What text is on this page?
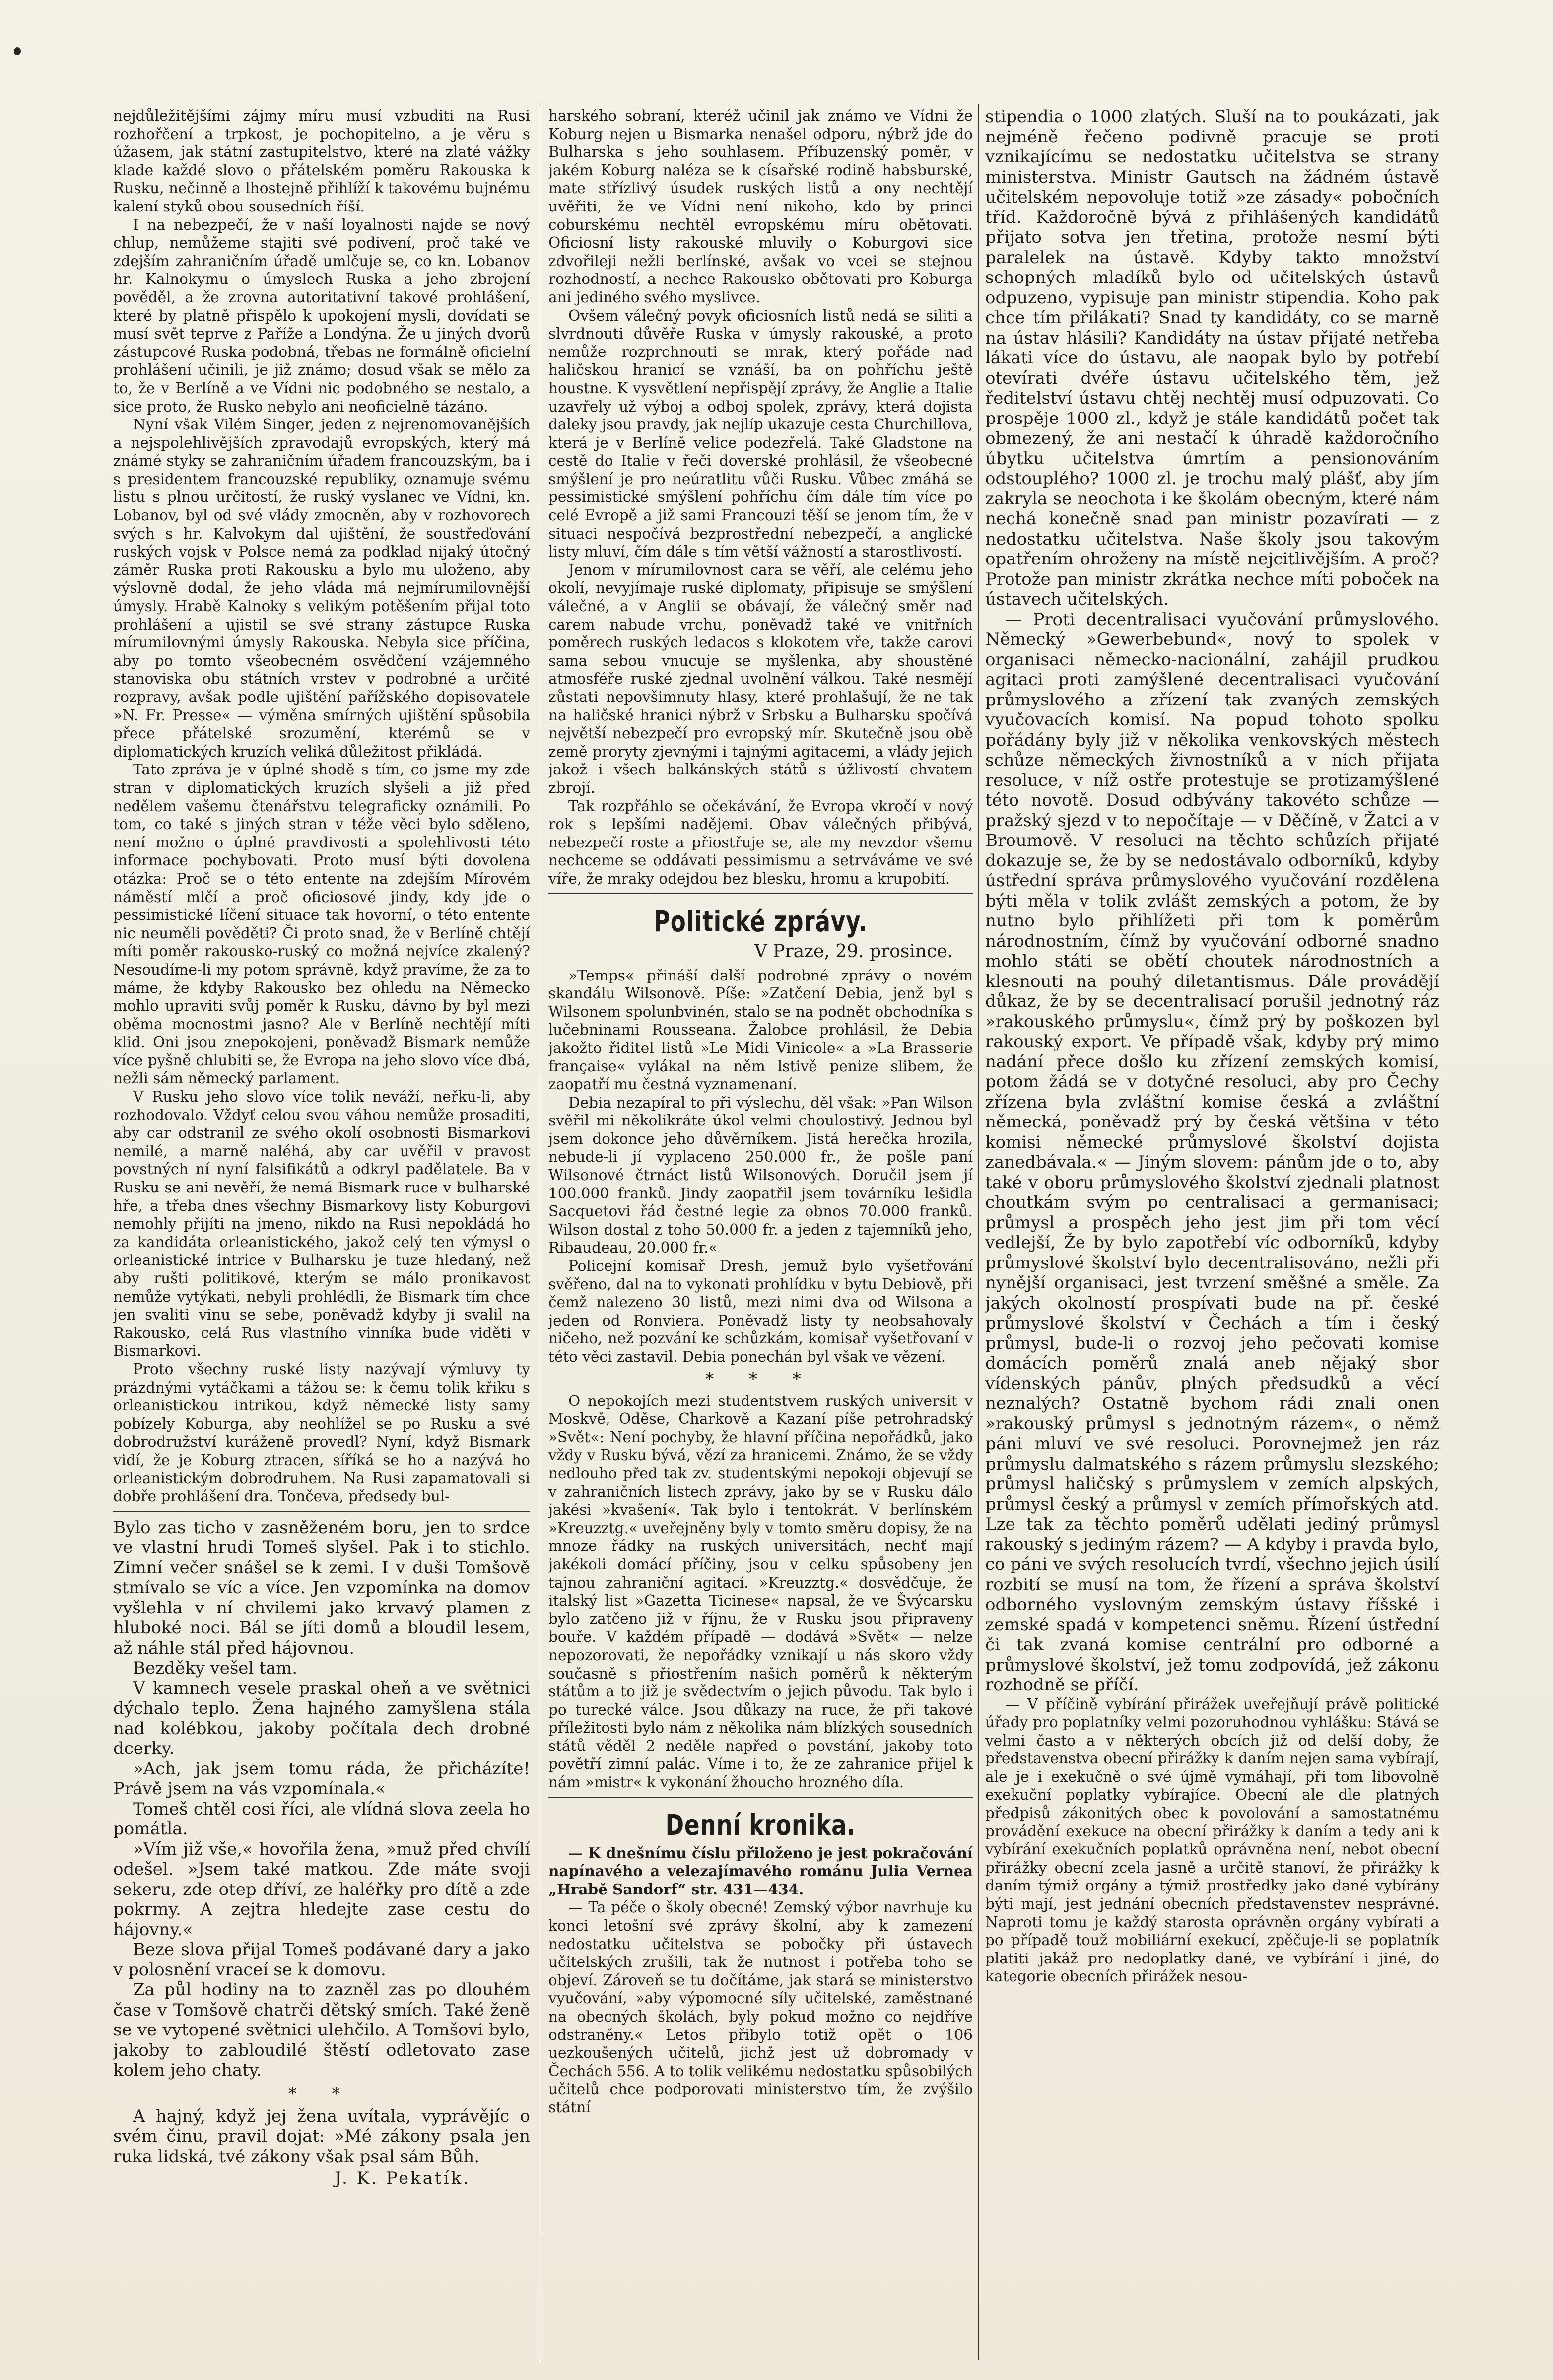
nejdůležitějšími zájmy míru musí vzbuditi na Rusi rozhořčení a trpkost, je pochopitelno, a je věru s úžasem, jak státní zastupitelstvo, které na zlaté vážky klade každé slovo o přátelském poměru Rakouska k Rusku, nečinně a lhostejně přihlíží k takovému bujnému kalení styků obou sousedních říší.

I na nebezpečí, že v naší loyalnosti najde se nový chlup, nemůžeme stajiti své podivení, proč také ve zdejším zahraničním úřadě umlčuje se, co kn. Lobanov hr. Kalnokymu o úmyslech Ruska a jeho zbrojení pověděl, a že zrovna autoritativní takové prohlášení, které by platně přispělo k upokojení mysli, dovídati se musí svět teprve z Paříže a Londýna. Že u jiných dvorů zástupcové Ruska podobná, třebas ne formálně oficielní prohlášení učinili, je již známo; dosud však se mělo za to, že v Berlíně a ve Vídni nic podobného se nestalo, a sice proto, že Rusko nebylo ani neoficielně tázáno.

Nyní však Vilém Singer, jeden z nejrenomovanějších a nejspolehlivějších zpravodajů evropských, který má známé styky se zahraničním úřadem francouzským, ba i s presidentem francouzské republiky, oznamuje svému listu s plnou určitostí, že ruský vyslanec ve Vídni, kn. Lobanov, byl od své vlády zmocněn, aby v rozhovorech svých s hr. Kalvokym dal ujištění, že soustřeďování ruských vojsk v Polsce nemá za podklad nijaký útočný záměr Ruska proti Rakousku a bylo mu uloženo, aby výslovně dodal, že jeho vláda má nejmírumilovnější úmysly. Hrabě Kalnoky s velikým potěšením přijal toto prohlášení a ujistil se své strany zástupce Ruska mírumilovnými úmysly Rakouska. Nebyla sice příčina, aby po tomto všeobecném osvědčení vzájemného stanoviska obu státních vrstev v podrobné a určité rozpravy, avšak podle ujištění pařížského dopisovatele »N. Fr. Presse« — výměna smírných ujištění spůsobila přece přátelské srozumění, kterémů se v diplomatických kruzích veliká důležitost přikládá.

Tato zpráva je v úplné shodě s tím, co jsme my zde stran v diplomatických kruzích slyšeli a již před nedělem vašemu čtenářstvu telegraficky oznámili. Po tom, co také s jiných stran v téže věci bylo sděleno, není možno o úplné pravdivosti a spolehlivosti této informace pochybovati. Proto musí býti dovolena otázka: Proč se o této entente na zdejším Mírovém náměstí mlčí a proč oficiosové jindy, kdy jde o pessimistické líčení situace tak hovorní, o této entente nic neuměli pověděti? Či proto snad, že v Berlíně chtějí míti poměr rakousko-ruský co možná nejvíce zkalený? Nesoudíme-li my potom správně, když pravíme, že za to máme, že kdyby Rakousko bez ohledu na Německo mohlo upraviti svůj poměr k Rusku, dávno by byl mezi oběma mocnostmi jasno? Ale v Berlíně nechtějí míti klid. Oni jsou znepokojeni, poněvadž Bismark nemůže více pyšně chlubiti se, že Evropa na jeho slovo více dbá, nežli sám německý parlament.

V Rusku jeho slovo více tolik neváží, neřku-li, aby rozhodovalo. Vždyť celou svou váhou nemůže prosaditi, aby car odstranil ze svého okolí osobnosti Bismarkovi nemilé, a marně naléhá, aby car uvěřil v pravost povstných ní nyní falsifikátů a odkryl padělatele. Ba v Rusku se ani nevěří, že nemá Bismark ruce v bulharské hře, a třeba dnes všechny Bismarkovy listy Koburgovi nemohly přijíti na jmeno, nikdo na Rusi nepokládá ho za kandidáta orleanistického, jakož celý ten výmysl o orleanistické intrice v Bulharsku je tuze hledaný, než aby rušti politikové, kterým se málo pronikavost nemůže vytýkati, nebyli prohlédli, že Bismark tím chce jen svaliti vinu se sebe, poněvadž kdyby ji svalil na Rakousko, celá Rus vlastního vinníka bude viděti v Bismarkovi.

Proto všechny ruské listy nazývají výmluvy ty prázdnými vytáčkami a tážou se: k čemu tolik křiku s orleanistickou intrikou, když německé listy samy pobízely Koburga, aby neohlížel se po Rusku a své dobrodružství kuráženě provedl? Nyní, když Bismark vidí, že je Koburg ztracen, síříká se ho a nazývá ho orleanistickým dobrodruhem. Na Rusi zapamatovali si dobře prohlášení dra. Tončeva, předsedy bul-

Bylo zas ticho v zasněženém boru, jen to srdce ve vlastní hrudi Tomeš slyšel. Pak i to stichlo. Zimní večer snášel se k zemi. I v duši Tomšově stmívalo se víc a více. Jen vzpomínka na domov vyšlehla v ní chvilemi jako krvavý plamen z hluboké noci. Bál se jíti domů a bloudil lesem, až náhle stál před hájovnou.

Bezděky vešel tam.

V kamnech vesele praskal oheň a ve světnici dýchalo teplo. Žena hajného zamyšlena stála nad kolébkou, jakoby počítala dech drobné dcerky.

»Ach, jak jsem tomu ráda, že přicházíte! Právě jsem na vás vzpomínala.«

Tomeš chtěl cosi říci, ale vlídná slova zeela ho pomátla.

»Vím již vše,« hovořila žena, »muž před chvílí odešel. »Jsem také matkou. Zde máte svoji sekeru, zde otep dříví, ze haléřky pro dítě a zde pokrmy. A zejtra hledejte zase cestu do hájovny.«

Beze slova přijal Tomeš podávané dary a jako v polosnění vraceí se k domovu.

Za půl hodiny na to zazněl zas po dlouhém čase v Tomšově chatrči dětský smích. Také ženě se ve vytopené světnici ulehčilo. A Tomšovi bylo, jakoby to zabloudilé štěstí odletovato zase kolem jeho chaty.

* *

A hajný, když jej žena uvítala, vyprávějíc o svém činu, pravil dojat: »Mé zákony psala jen ruka lidská, tvé zákony však psal sám Bůh.

J. K. Pekatík.

harského sobraní, kteréž učinil jak známo ve Vídni že Koburg nejen u Bismarka nenašel odporu, nýbrž jde do Bulharska s jeho souhlasem. Příbuzenský poměr, v jakém Koburg naléza se k císařské rodině habsburské, mate střízlivý úsudek ruských listů a ony nechtějí uvěřiti, že ve Vídni není nikoho, kdo by princi coburskému nechtěl evropskému míru obětovati. Oficiosní listy rakouské mluvily o Koburgovi sice zdvořileji nežli berlínské, avšak vo vcei se stejnou rozhodností, a nechce Rakousko obětovati pro Koburga ani jediného svého myslivce.

Ovšem válečný povyk oficiosních listů nedá se siliti a slvrdnouti důvěře Ruska v úmysly rakouské, a proto nemůže rozprchnouti se mrak, který pořáde nad haličskou hranicí se vznáší, ba on pohříchu ještě houstne. K vysvětlení nepřispějí zprávy, že Anglie a Italie uzavřely už výboj a odboj spolek, zprávy, která dojista daleky jsou pravdy, jak nejlíp ukazuje cesta Churchillova, která je v Berlíně velice podezřelá. Také Gladstone na cestě do Italie v řeči doverské prohlásil, že všeobecné smýšlení je pro neúratlitu vůči Rusku. Vůbec zmáhá se pessimistické smýšlení pohříchu čím dále tím více po celé Evropě a již sami Francouzi těší se jenom tím, že v situaci nespočívá bezprostřední nebezpečí, a anglické listy mluví, čím dále s tím větší vážností a starostlivostí.

Jenom v mírumilovnost cara se věří, ale celému jeho okolí, nevyjímaje ruské diplomaty, připisuje se smýšlení válečné, a v Anglii se obávají, že válečný směr nad carem nabude vrchu, poněvadž také ve vnitřních poměrech ruských ledacos s klokotem vře, takže carovi sama sebou vnucuje se myšlenka, aby shoustěné atmosféře ruské zjednal uvolnění válkou. Také nesmějí zůstati nepovšimnuty hlasy, které prohlašují, že ne tak na haličské hranici nýbrž v Srbsku a Bulharsku spočívá největší nebezpečí pro evropský mír. Skutečně jsou obě země proryty zjevnými i tajnými agitacemi, a vlády jejich jakož i všech balkánských států s úžlivostí chvatem zbrojí.

Tak rozpřáhlo se očekávání, že Evropa vkročí v nový rok s lepšími nadějemi. Obav válečných přibývá, nebezpečí roste a přiostřuje se, ale my nevzdor všemu nechceme se oddávati pessimismu a setrváváme ve své víře, že mraky odejdou bez blesku, hromu a krupobití.

Politické zprávy.
V Praze, 29. prosince.

»Temps« přináší další podrobné zprávy o novém skandálu Wilsonově. Píše: »Zatčení Debia, jenž byl s Wilsonem spolunbvinén, stalo se na podnět obchodníka s lučebninami Rousseana. Žalobce prohlásil, že Debia jakožto řiditel listů »Le Midi Vinicole« a »La Brasserie française« vylákal na něm lstivě penize slibem, že zaopatří mu čestná vyznamenaní.

Debia nezapíral to při výslechu, děl však: »Pan Wilson svěřil mi několikráte úkol velmi choulostivý. Jednou byl jsem dokonce jeho důvěrníkem. Jistá herečka hrozila, nebude-li jí vyplaceno 250.000 fr., že pošle paní Wilsonové čtrnáct listů Wilsonových. Doručil jsem jí 100.000 franků. Jindy zaopatřil jsem továrníku lešidla Sacquetovi řád čestné legie za obnos 70.000 franků. Wilson dostal z toho 50.000 fr. a jeden z tajemníků jeho, Ribaudeau, 20.000 fr.«

Policejní komisař Dresh, jemuž bylo vyšetřování svěřeno, dal na to vykonati prohlídku v bytu Debiově, při čemž nalezeno 30 listů, mezi nimi dva od Wilsona a jeden od Ronviera. Poněvadž listy ty neobsahovaly ničeho, než pozvání ke schůzkám, komisař vyšetřovaní v této věci zastavil. Debia ponechán byl však ve vězení.

* * *

O nepokojích mezi studentstvem ruských universit v Moskvě, Oděse, Charkově a Kazaní píše petrohradský »Svět«: Není pochyby, že hlavní příčina nepořádků, jako vždy v Rusku bývá, vězí za hranicemi. Známo, že se vždy nedlouho před tak zv. studentskými nepokoji objevují se v zahraničních listech zprávy, jako by se v Rusku dálo jakési »kvašení«. Tak bylo i tentokrát. V berlínském »Kreuzztg.« uveřejněny byly v tomto směru dopisy, že na mnoze řádky na ruských universitách, nechť mají jakékoli domácí příčiny, jsou v celku spůsobeny jen tajnou zahraniční agitací. »Kreuzztg.« dosvědčuje, že italský list »Gazetta Ticinese« napsal, že ve Švýcarsku bylo zatčeno již v říjnu, že v Rusku jsou připraveny bouře. V každém případě — dodává »Svět« — nelze nepozorovati, že nepořádky vznikají u nás skoro vždy současně s přiostřením našich poměrů k některým státům a to již je svědectvím o jejich původu. Tak bylo i po turecké válce. Jsou důkazy na ruce, že při takové příležitosti bylo nám z několika nám blízkých sousedních států věděl 2 neděle napřed o povstání, jakoby toto povětří zimní palác. Víme i to, že ze zahranice přijel k nám »mistr« k vykonání žhoucho hrozného díla.

Denní kronika.

— K dnešnímu číslu přiloženo je jest pokračování napínavého a velezajímavého románu Julia Vernea „Hrabě Sandorf“ str. 431—434.

— Ta péče o školy obecné! Zemský výbor navrhuje ku konci letošní své zprávy školní, aby k zamezení nedostatku učitelstva se pobočky při ústavech učitelských zrušili, tak že nutnost i potřeba toho se objeví. Zároveň se tu dočítáme, jak stará se ministerstvo vyučování, »aby výpomocné síly učitelské, zaměstnané na obecných školách, byly pokud možno co nejdříve odstraněny.« Letos přibylo totiž opět o 106 uezkoušených učitelů, jichž jest už dobromady v Čechách 556. A to tolik velikému nedostatku spůsobilých učitelů chce podporovati ministerstvo tím, že zvýšilo státní

stipendia o 1000 zlatých. Sluší na to poukázati, jak nejméně řečeno podivně pracuje se proti vznikajícímu se nedostatku učitelstva se strany ministerstva. Ministr Gautsch na žádném ústavě učitelském nepovoluje totiž »ze zásady« pobočních tříd. Každoročně bývá z přihlášených kandidátů přijato sotva jen třetina, protože nesmí býti paralelek na ústavě. Kdyby takto množství schopných mladíků bylo od učitelských ústavů odpuzeno, vypisuje pan ministr stipendia. Koho pak chce tím přilákati? Snad ty kandidáty, co se marně na ústav hlásili? Kandidáty na ústav přijaté netřeba lákati více do ústavu, ale naopak bylo by potřebí otevírati dvéře ústavu učitelského těm, jež ředitelství ústavu chtěj nechtěj musí odpuzovati. Co prospěje 1000 zl., když je stále kandidátů počet tak obmezený, že ani nestačí k úhradě každoročního úbytku učitelstva úmrtím a pensionováním odstouplého? 1000 zl. je trochu malý plášť, aby jím zakryla se neochota i ke školám obecným, které nám nechá konečně snad pan ministr pozavírati — z nedostatku učitelstva. Naše školy jsou takovým opatřením ohroženy na místě nejcitlivějším. A proč? Protože pan ministr zkrátka nechce míti poboček na ústavech učitelských.

— Proti decentralisaci vyučování průmyslového. Německý »Gewerbebund«, nový to spolek v organisaci německo-nacionální, zahájil prudkou agitaci proti zamýšlené decentralisaci vyučování průmyslového a zřízení tak zvaných zemských vyučovacích komisí. Na popud tohoto spolku pořádány byly již v několika venkovských městech schůze německých živnostníků a v nich přijata resoluce, v níž ostře protestuje se protizamýšlené této novotě. Dosud odbývány takovéto schůze — pražský sjezd v to nepočítaje — v Děčíně, v Žatci a v Broumově. V resoluci na těchto schůzích přijaté dokazuje se, že by se nedostávalo odborníků, kdyby ústřední správa průmyslového vyučování rozdělena býti měla v tolik zvlášt zemských a potom, že by nutno bylo přihlížeti při tom k poměrům národnostním, čímž by vyučování odborné snadno mohlo státi se obětí choutek národnostních a klesnouti na pouhý diletantismus. Dále provádějí důkaz, že by se decentralisací porušil jednotný ráz »rakouského průmyslu«, čímž prý by poškozen byl rakouský export. Ve případě však, kdyby prý mimo nadání přece došlo ku zřízení zemských komisí, potom žádá se v dotyčné resoluci, aby pro Čechy zřízena byla zvláštní komise česká a zvláštní německá, poněvadž prý by česká většina v této komisi německé průmyslové školství dojista zanedbávala.« — Jiným slovem: pánům jde o to, aby také v oboru průmyslového školství zjednali platnost choutkám svým po centralisaci a germanisaci; průmysl a prospěch jeho jest jim při tom věcí vedlejší, Že by bylo zapotřebí víc odborníků, kdyby průmyslové školství bylo decentralisováno, nežli při nynější organisaci, jest tvrzení směšné a směle. Za jakých okolností prospívati bude na př. české průmyslové školství v Čechách a tím i český průmysl, bude-li o rozvoj jeho pečovati komise domácích poměrů znalá aneb nějaký sbor vídenských pánův, plných předsudků a věcí neznalých? Ostatně bychom rádi znali onen »rakouský průmysl s jednotným rázem«, o němž páni mluví ve své resoluci. Porovnejmež jen ráz průmyslu dalmatského s rázem průmyslu slezského; průmysl haličský s průmyslem v zemích alpských, průmysl český a průmysl v zemích přímořských atd. Lze tak za těchto poměrů udělati jediný průmysl rakouský s jediným rázem? — A kdyby i pravda bylo, co páni ve svých resolucích tvrdí, všechno jejich úsilí rozbití se musí na tom, že řízení a správa školství odborného vyslovným zemským ústavy říšské i zemské spadá v kompetenci sněmu. Řízení ústřední či tak zvaná komise centrální pro odborné a průmyslové školství, jež tomu zodpovídá, jež zákonu rozhodně se příčí.

— V příčině vybírání přirážek uveřejňují právě politické úřady pro poplatníky velmi pozoruhodnou vyhlášku: Stává se velmi často a v některých obcích již od delší doby, že představenstva obecní přirážky k daním nejen sama vybírají, ale je i exekučně o své újmě vymáhají, při tom libovolně exekuční poplatky vybírajíce. Obecní ale dle platných předpisů zákonitých obec k povolování a samostatnému provádění exekuce na obecní přirážky k daním a tedy ani k vybírání exekučních poplatků oprávněna není, nebot obecní přirážky obecní zcela jasně a určitě stanoví, že přirážky k daním týmiž orgány a týmiž prostředky jako dané vybírány býti mají, jest jednání obecních představenstev nesprávné. Naproti tomu je každý starosta oprávněn orgány vybírati a po případě touž mobiliární exekucí, zpěčuje-li se poplatník platiti jakáž pro nedoplatky dané, ve vybírání i jiné, do kategorie obecních přirážek nesou-
